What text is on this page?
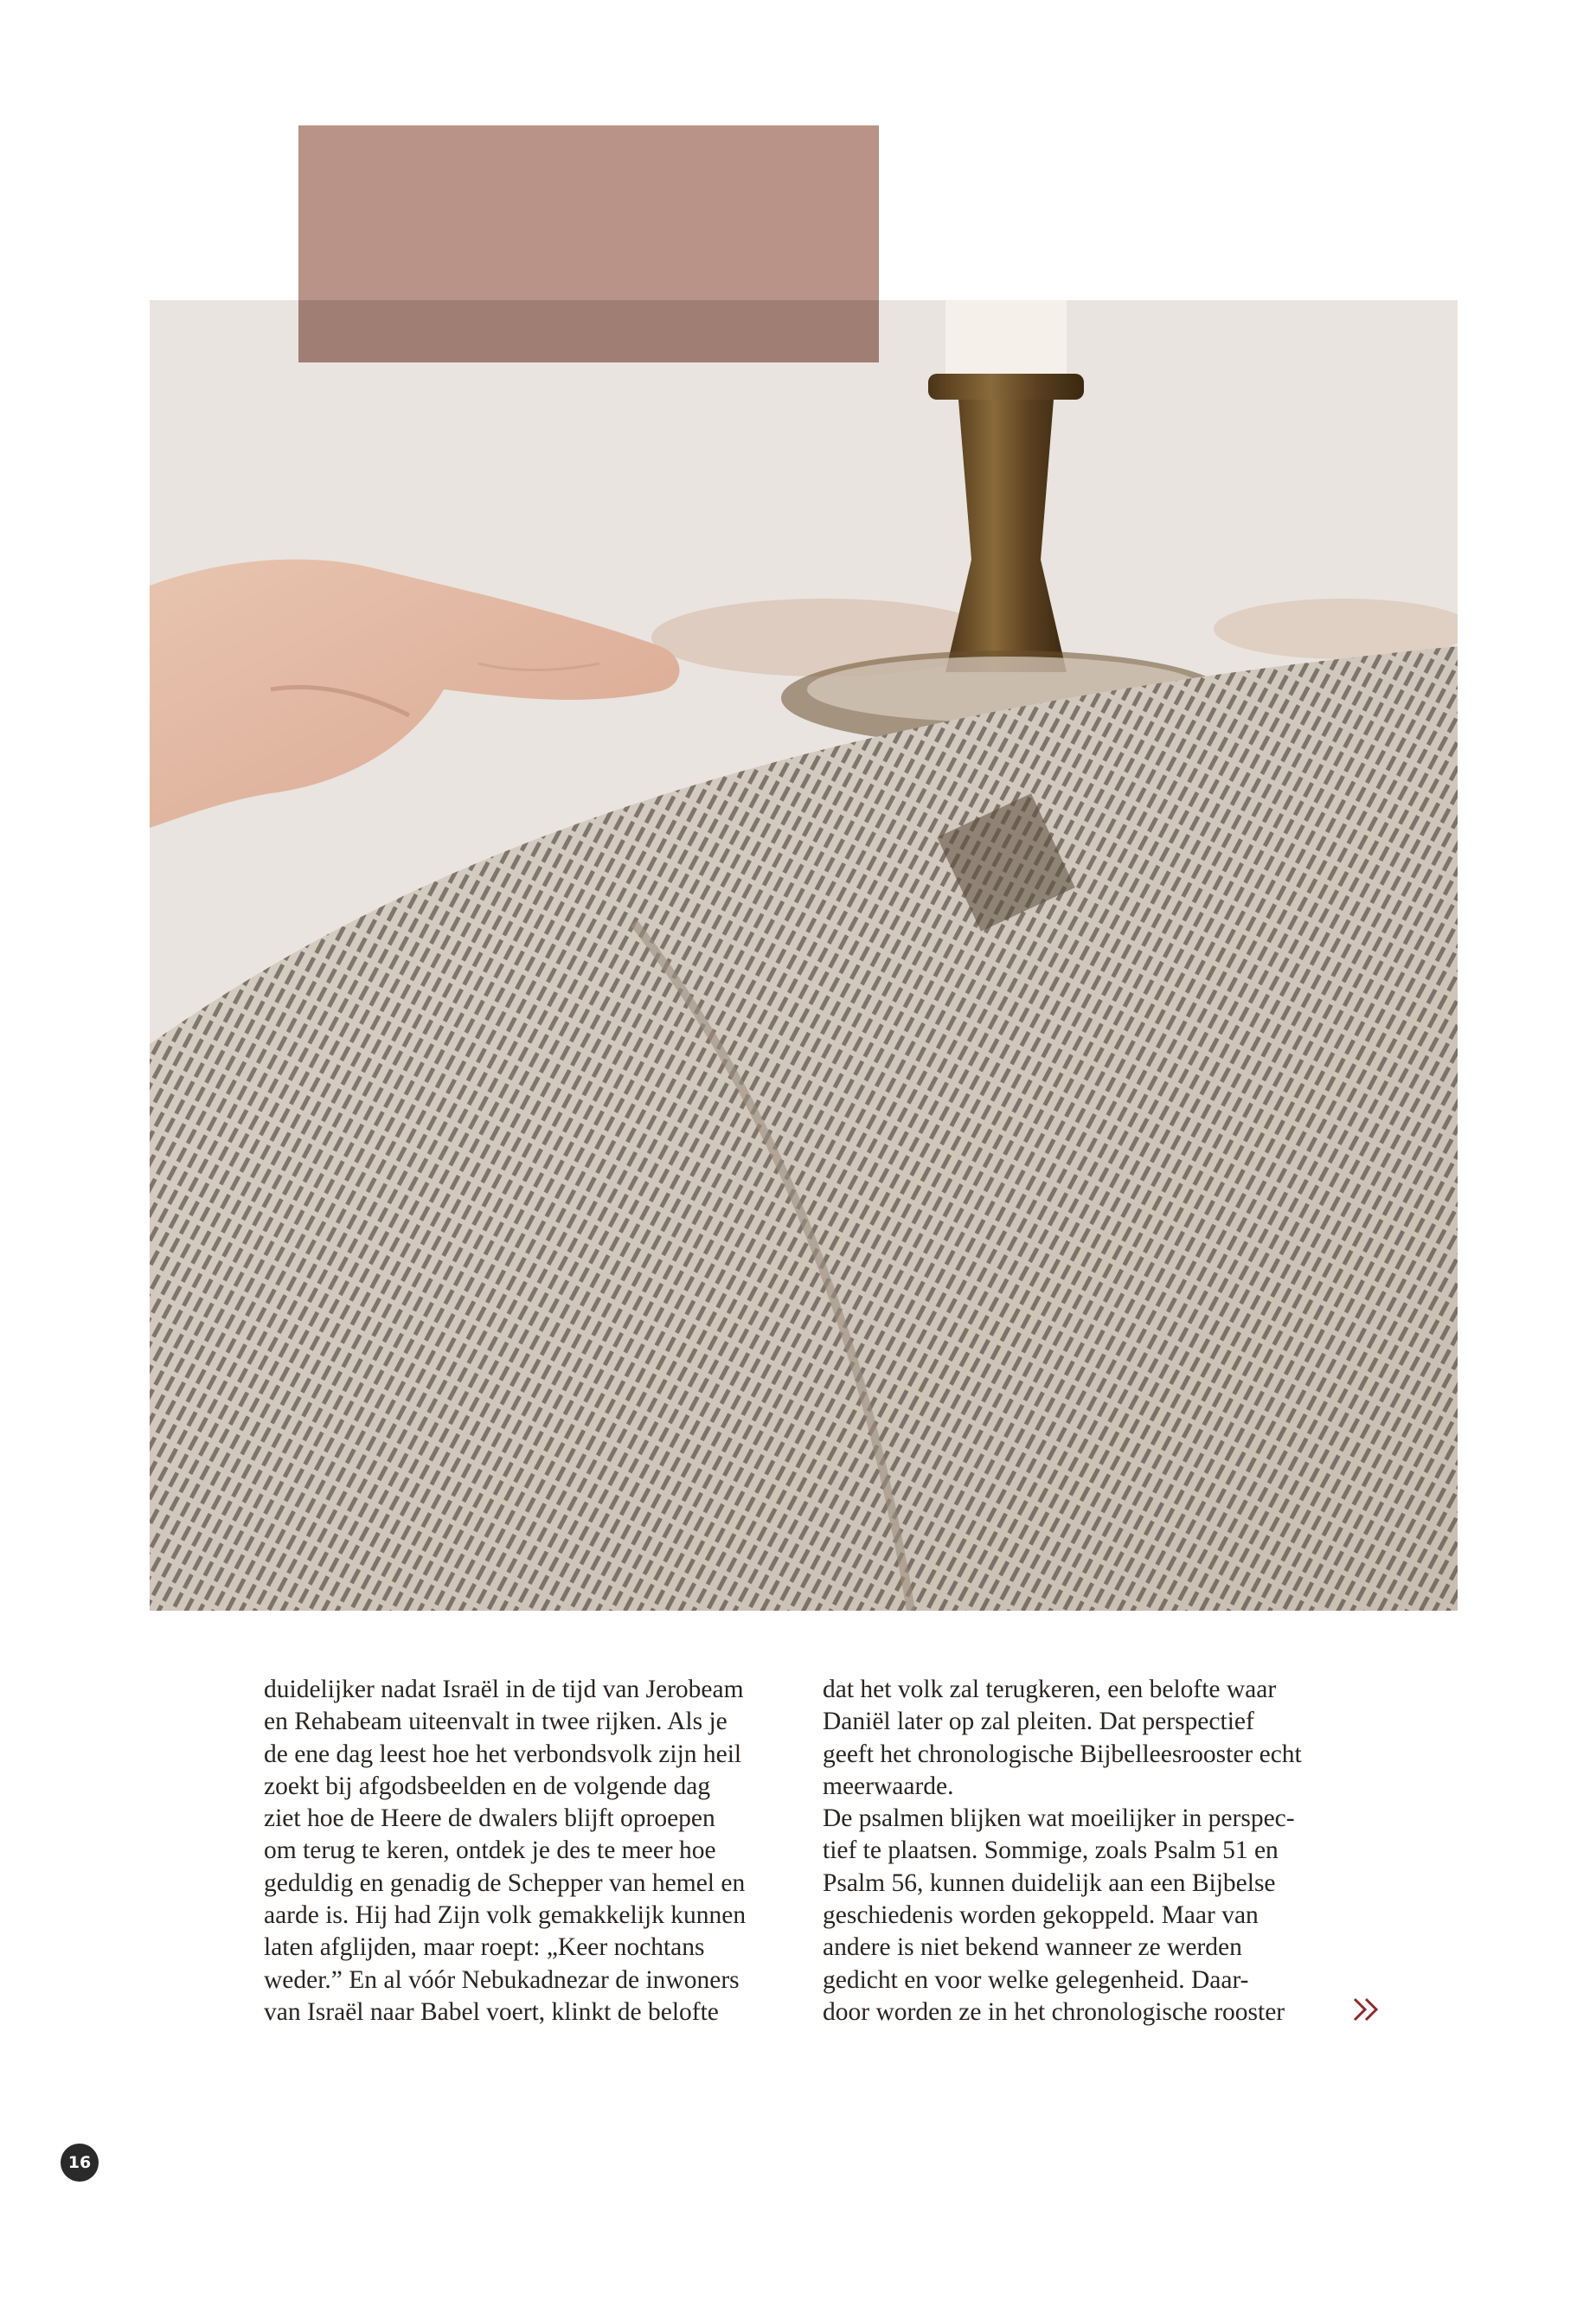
duidelijker nadat Israël in de tijd van Jerobeam
en Rehabeam uiteenvalt in twee rijken. Als je
de ene dag leest hoe het verbondsvolk zijn heil
zoekt bij afgodsbeelden en de volgende dag
ziet hoe de Heere de dwalers blijft oproepen
om terug te keren, ontdek je des te meer hoe
geduldig en genadig de Schepper van hemel en
aarde is. Hij had Zijn volk gemakkelijk kunnen
laten afglijden, maar roept: „Keer nochtans
weder.” En al vóór Nebukadnezar de inwoners
van Israël naar Babel voert, klinkt de belofte
dat het volk zal terugkeren, een belofte waar
Daniël later op zal pleiten. Dat perspectief
geeft het chronologische Bijbelleesrooster echt
meerwaarde.
De psalmen blijken wat moeilijker in perspec-
tief te plaatsen. Sommige, zoals Psalm 51 en
Psalm 56, kunnen duidelijk aan een Bijbelse
geschiedenis worden gekoppeld. Maar van
andere is niet bekend wanneer ze werden
gedicht en voor welke gelegenheid. Daar-
door worden ze in het chronologische rooster
16
